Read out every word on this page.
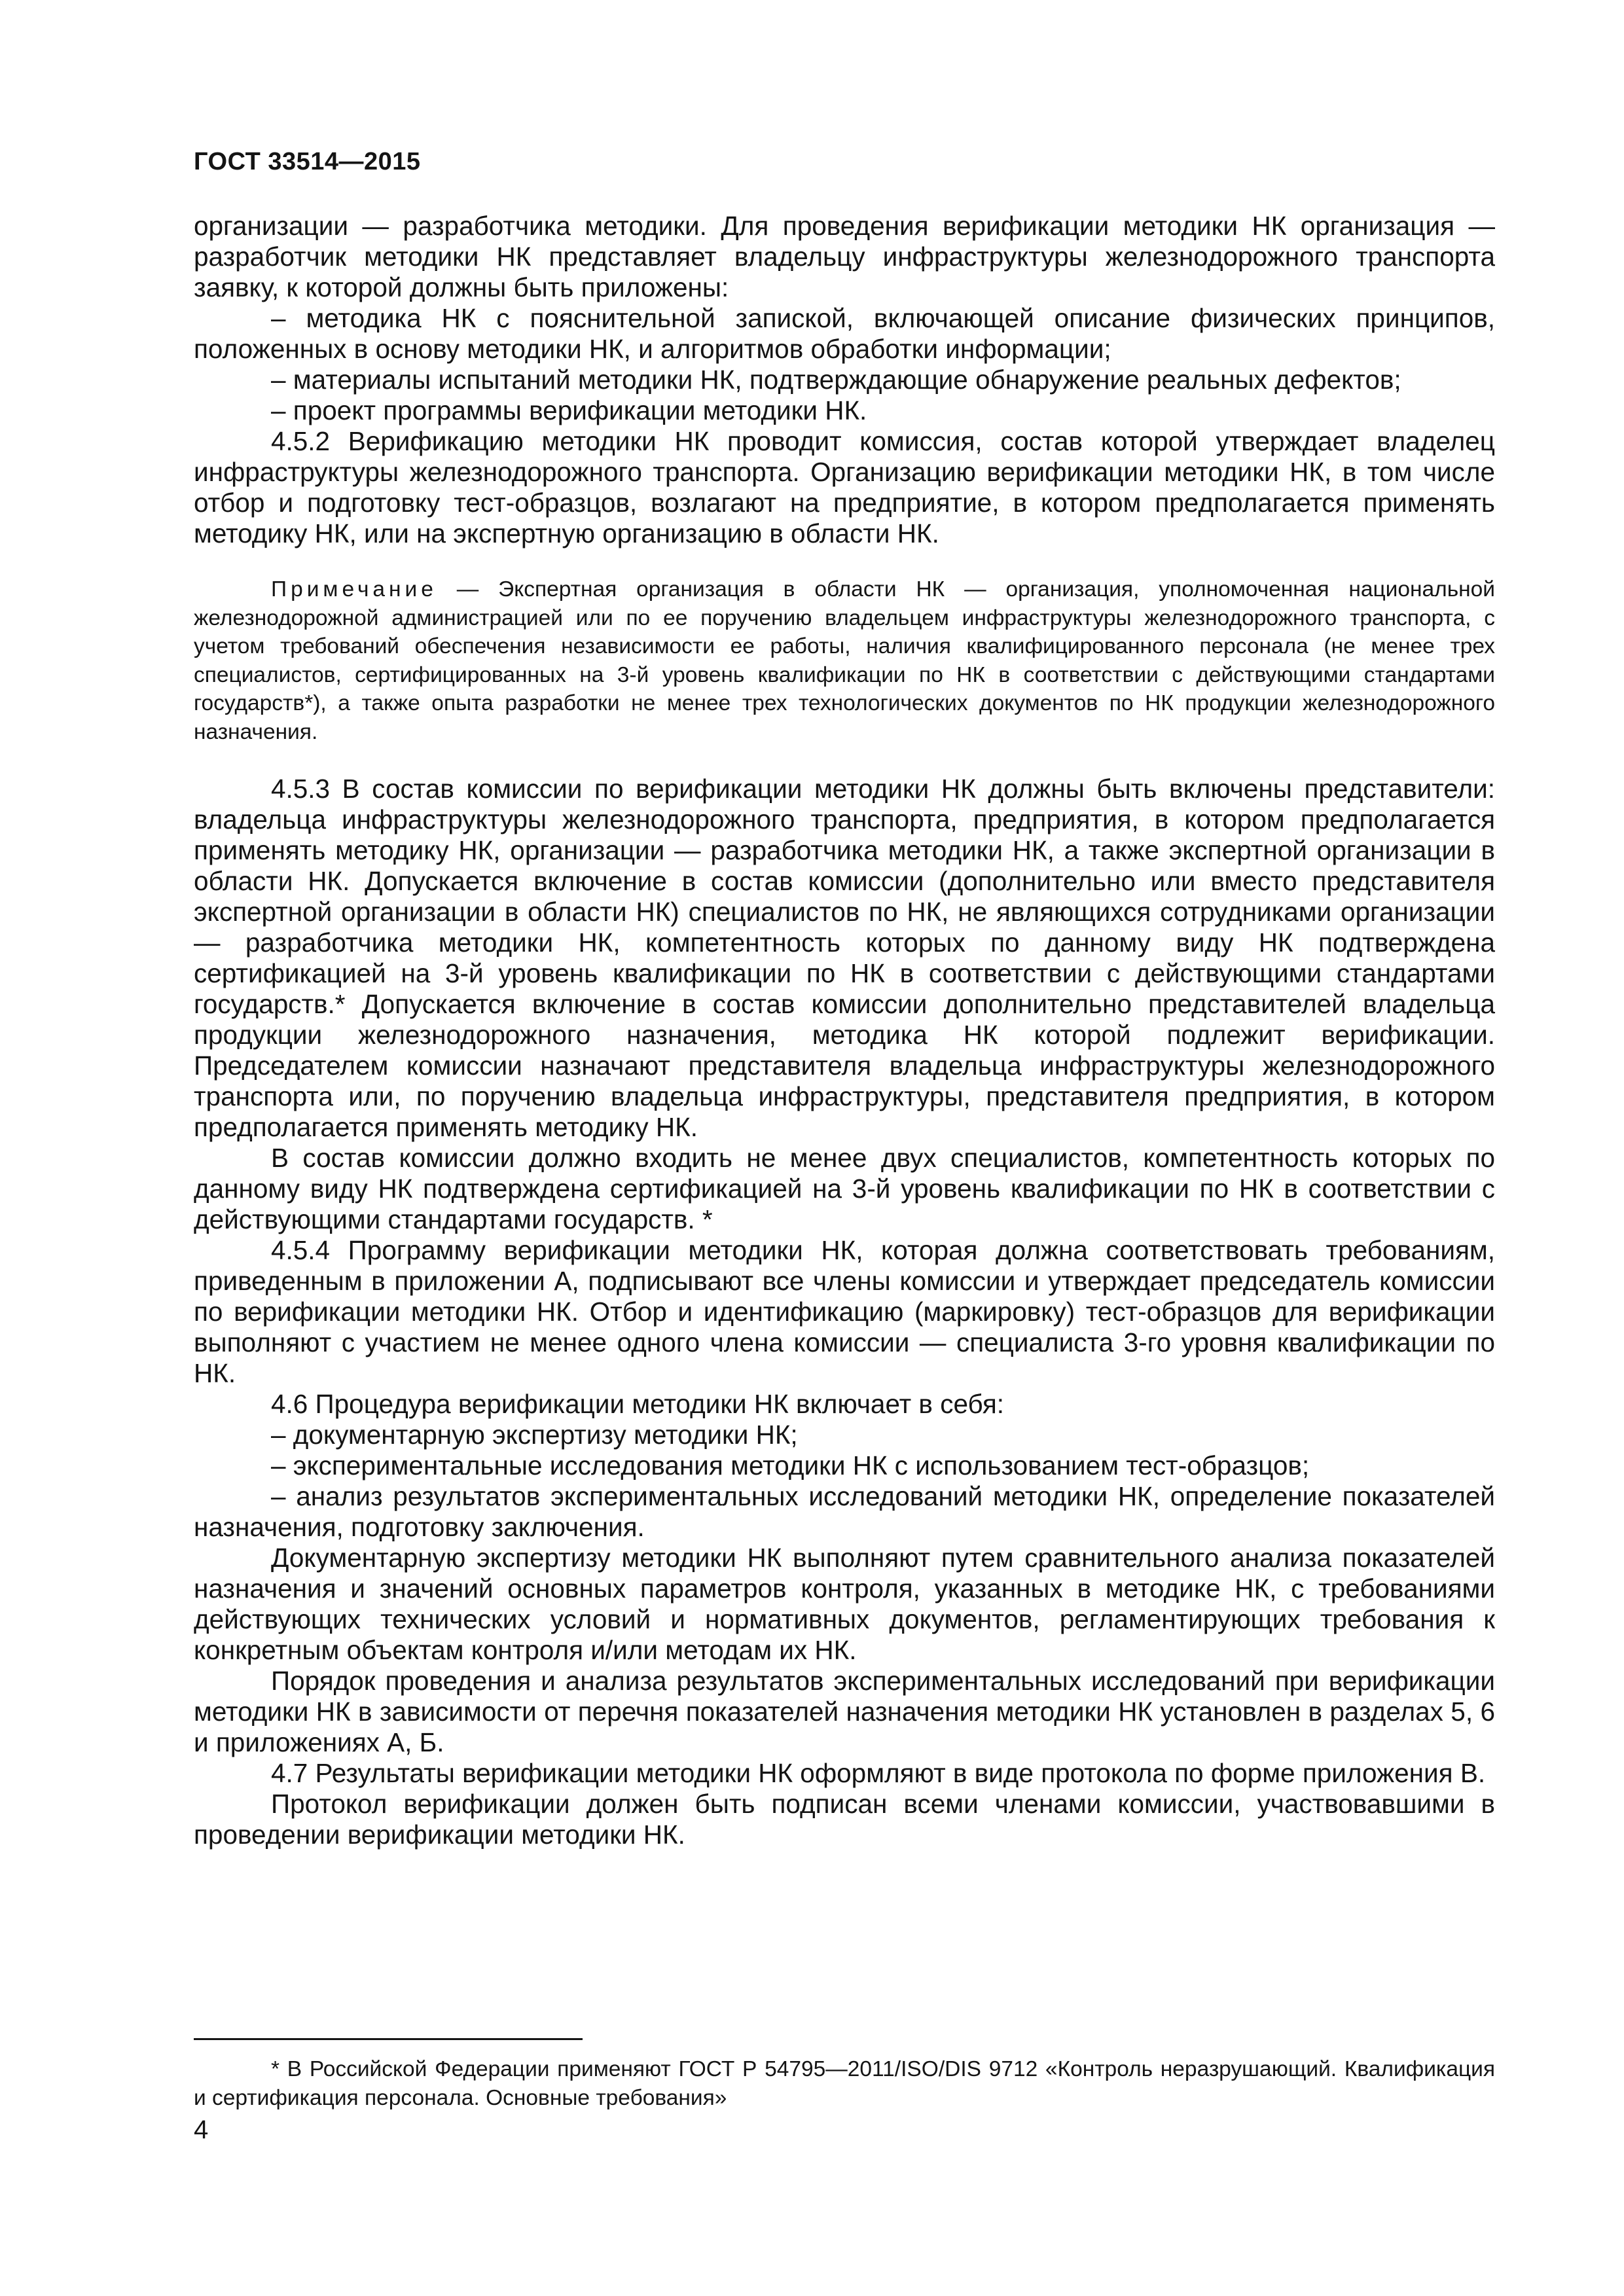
ГОСТ 33514—2015

организации — разработчика методики. Для проведения верификации методики НК организация — разработчик методики НК представляет владельцу инфраструктуры железнодорожного транспорта заявку, к которой должны быть приложены:

– методика НК с пояснительной запиской, включающей описание физических принципов, положенных в основу методики НК, и алгоритмов обработки информации;

– материалы испытаний методики НК, подтверждающие обнаружение реальных дефектов;

– проект программы верификации методики НК.

4.5.2 Верификацию методики НК проводит комиссия, состав которой утверждает владелец инфраструктуры железнодорожного транспорта. Организацию верификации методики НК, в том числе отбор и подготовку тест-образцов, возлагают на предприятие, в котором предполагается применять методику НК, или на экспертную организацию в области НК.

Примечание — Экспертная организация в области НК — организация, уполномоченная национальной железнодорожной администрацией или по ее поручению владельцем инфраструктуры железнодорожного транспорта, с учетом требований обеспечения независимости ее работы, наличия квалифицированного персонала (не менее трех специалистов, сертифицированных на 3-й уровень квалификации по НК в соответствии с действующими стандартами государств*), а также опыта разработки не менее трех технологических документов по НК продукции железнодорожного назначения.

4.5.3 В состав комиссии по верификации методики НК должны быть включены представители: владельца инфраструктуры железнодорожного транспорта, предприятия, в котором предполагается применять методику НК, организации — разработчика методики НК, а также экспертной организации в области НК. Допускается включение в состав комиссии (дополнительно или вместо представителя экспертной организации в области НК) специалистов по НК, не являющихся сотрудниками организации — разработчика методики НК, компетентность которых по данному виду НК подтверждена сертификацией на 3-й уровень квалификации по НК в соответствии с действующими стандартами государств.* Допускается включение в состав комиссии дополнительно представителей владельца продукции железнодорожного назначения, методика НК которой подлежит верификации. Председателем комиссии назначают представителя владельца инфраструктуры железнодорожного транспорта или, по поручению владельца инфраструктуры, представителя предприятия, в котором предполагается применять методику НК.

В состав комиссии должно входить не менее двух специалистов, компетентность которых по данному виду НК подтверждена сертификацией на 3-й уровень квалификации по НК в соответствии с действующими стандартами государств. *

4.5.4 Программу верификации методики НК, которая должна соответствовать требованиям, приведенным в приложении А, подписывают все члены комиссии и утверждает председатель комиссии по верификации методики НК. Отбор и идентификацию (маркировку) тест-образцов для верификации выполняют с участием не менее одного члена комиссии — специалиста 3-го уровня квалификации по НК.

4.6 Процедура верификации методики НК включает в себя:

– документарную экспертизу методики НК;

– экспериментальные исследования методики НК с использованием тест-образцов;

– анализ результатов экспериментальных исследований методики НК, определение показателей назначения, подготовку заключения.

Документарную экспертизу методики НК выполняют путем сравнительного анализа показателей назначения и значений основных параметров контроля, указанных в методике НК, с требованиями действующих технических условий и нормативных документов, регламентирующих требования к конкретным объектам контроля и/или методам их НК.

Порядок проведения и анализа результатов экспериментальных исследований при верификации методики НК в зависимости от перечня показателей назначения методики НК установлен в разделах 5, 6 и приложениях А, Б.

4.7 Результаты верификации методики НК оформляют в виде протокола по форме приложения В.

Протокол верификации должен быть подписан всеми членами комиссии, участвовавшими в проведении верификации методики НК.

* В Российской Федерации применяют ГОСТ Р 54795—2011/ISO/DIS 9712 «Контроль неразрушающий. Квалификация и сертификация персонала. Основные требования»

4
